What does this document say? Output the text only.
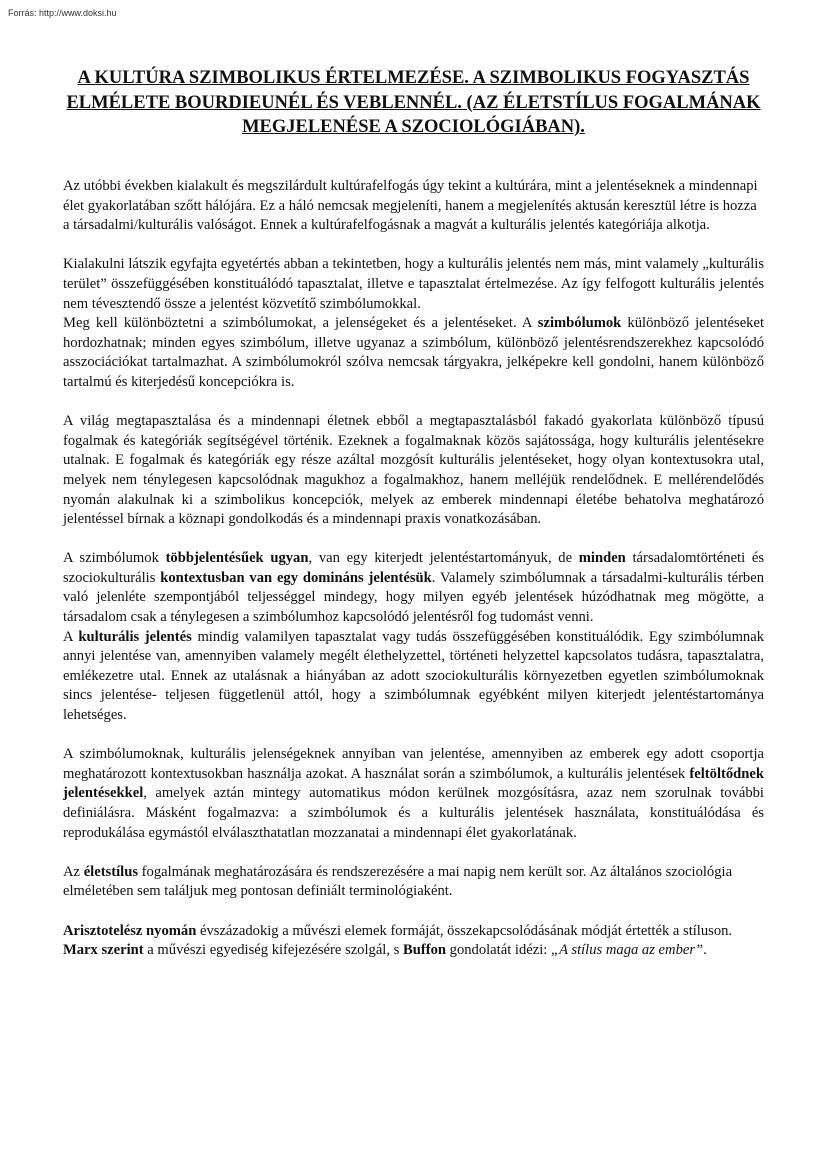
Forrás: http://www.doksi.hu
A KULTÚRA SZIMBOLIKUS ÉRTELMEZÉSE. A SZIMBOLIKUS FOGYASZTÁS
ELMÉLETE BOURDIEUNÉL ÉS VEBLENNÉL. (AZ ÉLETSTÍLUS FOGALMÁNAK
MEGJELENÉSE A SZOCIOLÓGIÁBAN).

Az utóbbi években kialakult és megszilárdult kultúrafelfogás úgy tekint a kultúrára, mint a jelentéseknek a mindennapi élet gyakorlatában szőtt hálójára. Ez a háló nemcsak megjeleníti, hanem a megjelenítés aktusán keresztül létre is hozza a társadalmi/kulturális valóságot. Ennek a kultúrafelfogásnak a magvát a kulturális jelentés kategóriája alkotja.

Kialakulni látszik egyfajta egyetértés abban a tekintetben, hogy a kulturális jelentés nem más, mint valamely „kulturális terület” összefüggésében konstituálódó tapasztalat, illetve e tapasztalat értelmezése. Az így felfogott kulturális jelentés nem tévesztendő össze a jelentést közvetítő szimbólumokkal.
Meg kell különböztetni a szimbólumokat, a jelenségeket és a jelentéseket. A szimbólumok különböző jelentéseket hordozhatnak; minden egyes szimbólum, illetve ugyanaz a szimbólum, különböző jelentésrendszerekhez kapcsolódó asszociációkat tartalmazhat. A szimbólumokról szólva nemcsak tárgyakra, jelképekre kell gondolni, hanem különböző tartalmú és kiterjedésű koncepciókra is.

A világ megtapasztalása és a mindennapi életnek ebből a megtapasztalásból fakadó gyakorlata különböző típusú fogalmak és kategóriák segítségével történik. Ezeknek a fogalmaknak közös sajátossága, hogy kulturális jelentésekre utalnak. E fogalmak és kategóriák egy része azáltal mozgósít kulturális jelentéseket, hogy olyan kontextusokra utal, melyek nem ténylegesen kapcsolódnak magukhoz a fogalmakhoz, hanem melléjük rendelődnek. E mellérendelődés nyomán alakulnak ki a szimbolikus koncepciók, melyek az emberek mindennapi életébe behatolva meghatározó jelentéssel bírnak a köznapi gondolkodás és a mindennapi praxis vonatkozásában.

A szimbólumok többjelentésűek ugyan, van egy kiterjedt jelentéstartományuk, de minden társadalomtörténeti és szociokulturális kontextusban van egy domináns jelentésük. Valamely szimbólumnak a társadalmi-kulturális térben való jelenléte szempontjából teljességgel mindegy, hogy milyen egyéb jelentések húzódhatnak meg mögötte, a társadalom csak a ténylegesen a szimbólumhoz kapcsolódó jelentésről fog tudomást venni.
A kulturális jelentés mindig valamilyen tapasztalat vagy tudás összefüggésében konstituálódik. Egy szimbólumnak annyi jelentése van, amennyiben valamely megélt élethelyzettel, történeti helyzettel kapcsolatos tudásra, tapasztalatra, emlékezetre utal. Ennek az utalásnak a hiányában az adott szociokulturális környezetben egyetlen szimbólumoknak sincs jelentése- teljesen függetlenül attól, hogy a szimbólumnak egyébként milyen kiterjedt jelentéstartománya lehetséges.

A szimbólumoknak, kulturális jelenségeknek annyiban van jelentése, amennyiben az emberek egy adott csoportja meghatározott kontextusokban használja azokat. A használat során a szimbólumok, a kulturális jelentések feltöltődnek jelentésekkel, amelyek aztán mintegy automatikus módon kerülnek mozgósításra, azaz nem szorulnak további definiálásra. Másként fogalmazva: a szimbólumok és a kulturális jelentések használata, konstituálódása és reprodukálása egymástól elválaszthatatlan mozzanatai a mindennapi élet gyakorlatának.

Az életstílus fogalmának meghatározására és rendszerezésére a mai napig nem került sor. Az általános szociológia elméletében sem találjuk meg pontosan definiált terminológiaként.

Arisztotelész nyomán évszázadokig a művészi elemek formáját, összekapcsolódásának módját értették a stíluson. Marx szerint a művészi egyediség kifejezésére szolgál, s Buffon gondolatát idézi: „A stílus maga az ember”.
